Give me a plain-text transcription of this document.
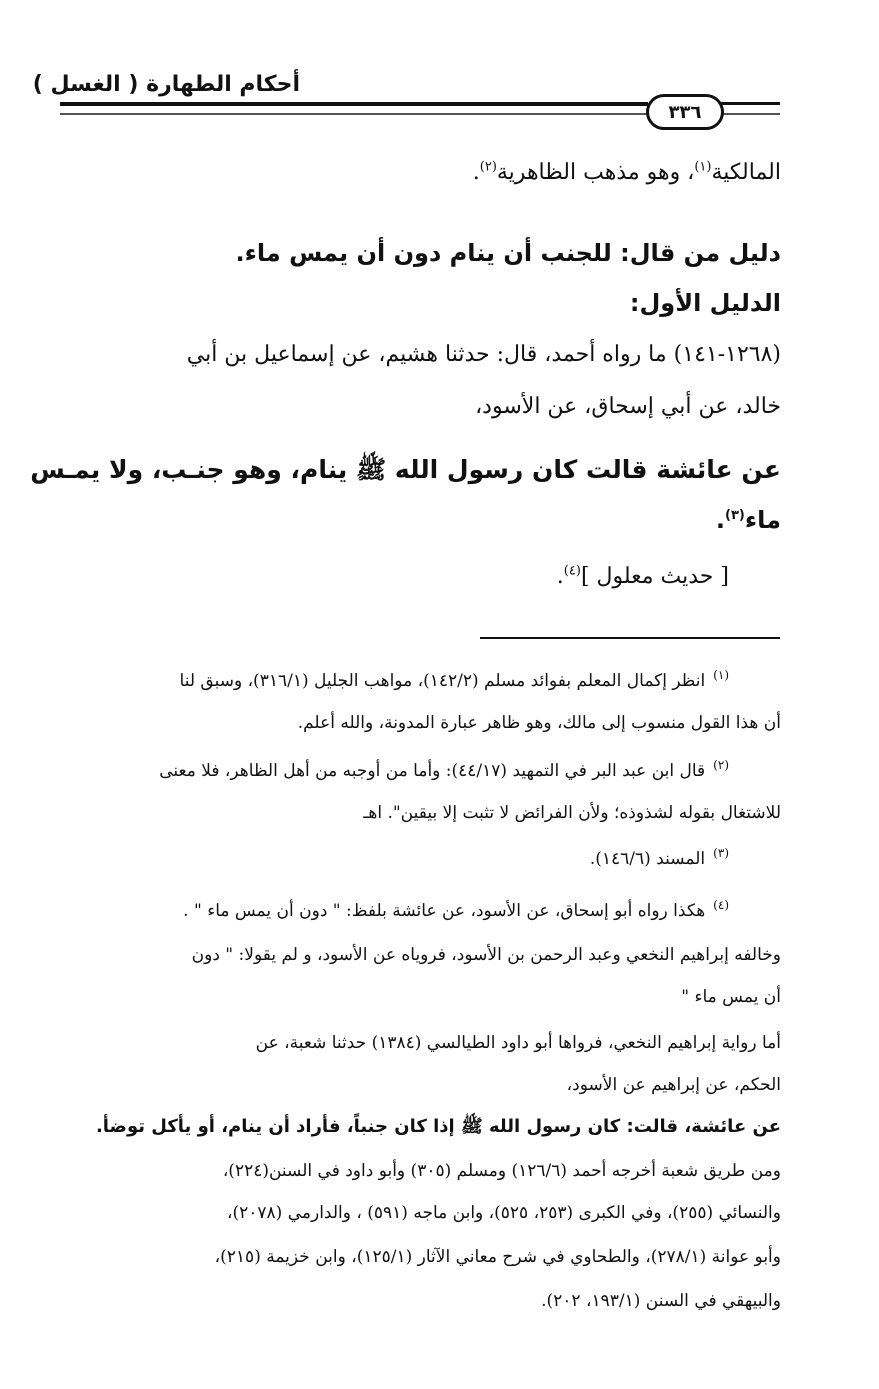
أحكام الطهارة ( الغسل )
٣٣٦
المالكية$^{(١)}$، وهو مذهب الظاهرية$^{(٢)}$.
دليل من قال: للجنب أن ينام دون أن يمس ماء.
الدليل الأول:
(١٢٦٨-١٤١) ما رواه أحمد، قال: حدثنا هشيم، عن إسماعيل بن أبي
خالد، عن أبي إسحاق، عن الأسود،
عن عائشة قالت كان رسول الله ﷺ ينام، وهو جنـب، ولا يمـس
ماء$^{(٣)}$.
[ حديث معلول ]$^{(٤)}$.
$^{(١)}$انظر إكمال المعلم بفوائد مسلم (١٤٢/٢)، مواهب الجليل (٣١٦/١)، وسبق لنا
أن هذا القول منسوب إلى مالك، وهو ظاهر عبارة المدونة، والله أعلم.
$^{(٢)}$قال ابن عبد البر في التمهيد (٤٤/١٧): وأما من أوجبه من أهل الظاهر، فلا معنى
للاشتغال بقوله لشذوذه؛ ولأن الفرائض لا تثبت إلا بيقين". اهـ
$^{(٣)}$المسند (١٤٦/٦).
$^{(٤)}$هكذا رواه أبو إسحاق، عن الأسود، عن عائشة بلفظ: " دون أن يمس ماء " .
وخالفه إبراهيم النخعي وعبد الرحمن بن الأسود، فروياه عن الأسود، و لم يقولا: " دون
أن يمس ماء "
أما رواية إبراهيم النخعي، فرواها أبو داود الطيالسي (١٣٨٤) حدثنا شعبة، عن
الحكم، عن إبراهيم عن الأسود،
عن عائشة، قالت: كان رسول الله ﷺ إذا كان جنباً، فأراد أن ينام، أو يأكل توضأ.
ومن طريق شعبة أخرجه أحمد (١٢٦/٦) ومسلم (٣٠٥) وأبو داود في السنن(٢٢٤)،
والنسائي (٢٥٥)، وفي الكبرى (٢٥٣، ٥٢٥)، وابن ماجه (٥٩١) ، والدارمي (٢٠٧٨)،
وأبو عوانة (٢٧٨/١)، والطحاوي في شرح معاني الآثار (١٢٥/١)، وابن خزيمة (٢١٥)،
والبيهقي في السنن (١٩٣/١، ٢٠٢).
